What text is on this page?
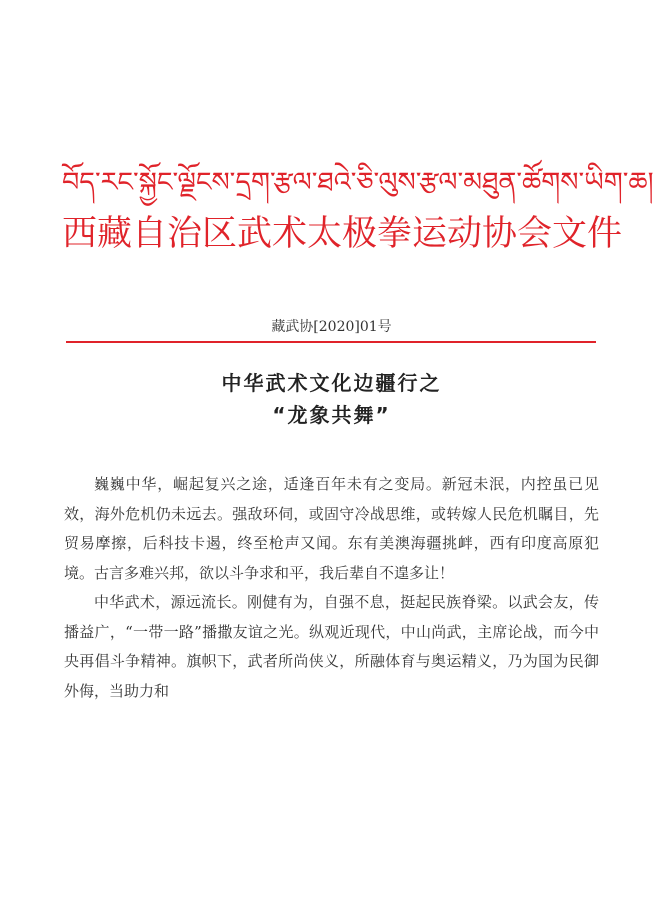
བོད་རང་སྐྱོང་ལྗོངས་དྲག་རྩལ་ཐའེ་ཅི་ལུས་རྩལ་མཐུན་ཚོགས་ཡིག་ཆ།
西藏自治区武术太极拳运动协会文件
藏武协[2020]01号
中华武术文化边疆行之
“龙象共舞”

巍巍中华，崛起复兴之途，适逢百年未有之变局。新冠未泯，内控虽已见效，海外危机仍未远去。强敌环伺，或固守冷战思维，或转嫁人民危机瞩目，先贸易摩擦，后科技卡遏，终至枪声又闻。东有美澳海疆挑衅，西有印度高原犯境。古言多难兴邦，欲以斗争求和平，我后辈自不遑多让！

中华武术，源远流长。刚健有为，自强不息，挺起民族脊梁。以武会友，传播益广，“一带一路”播撒友谊之光。纵观近现代，中山尚武，主席论战，而今中央再倡斗争精神。旗帜下，武者所尚侠义，所融体育与奥运精义，乃为国为民御外侮，当助力和
